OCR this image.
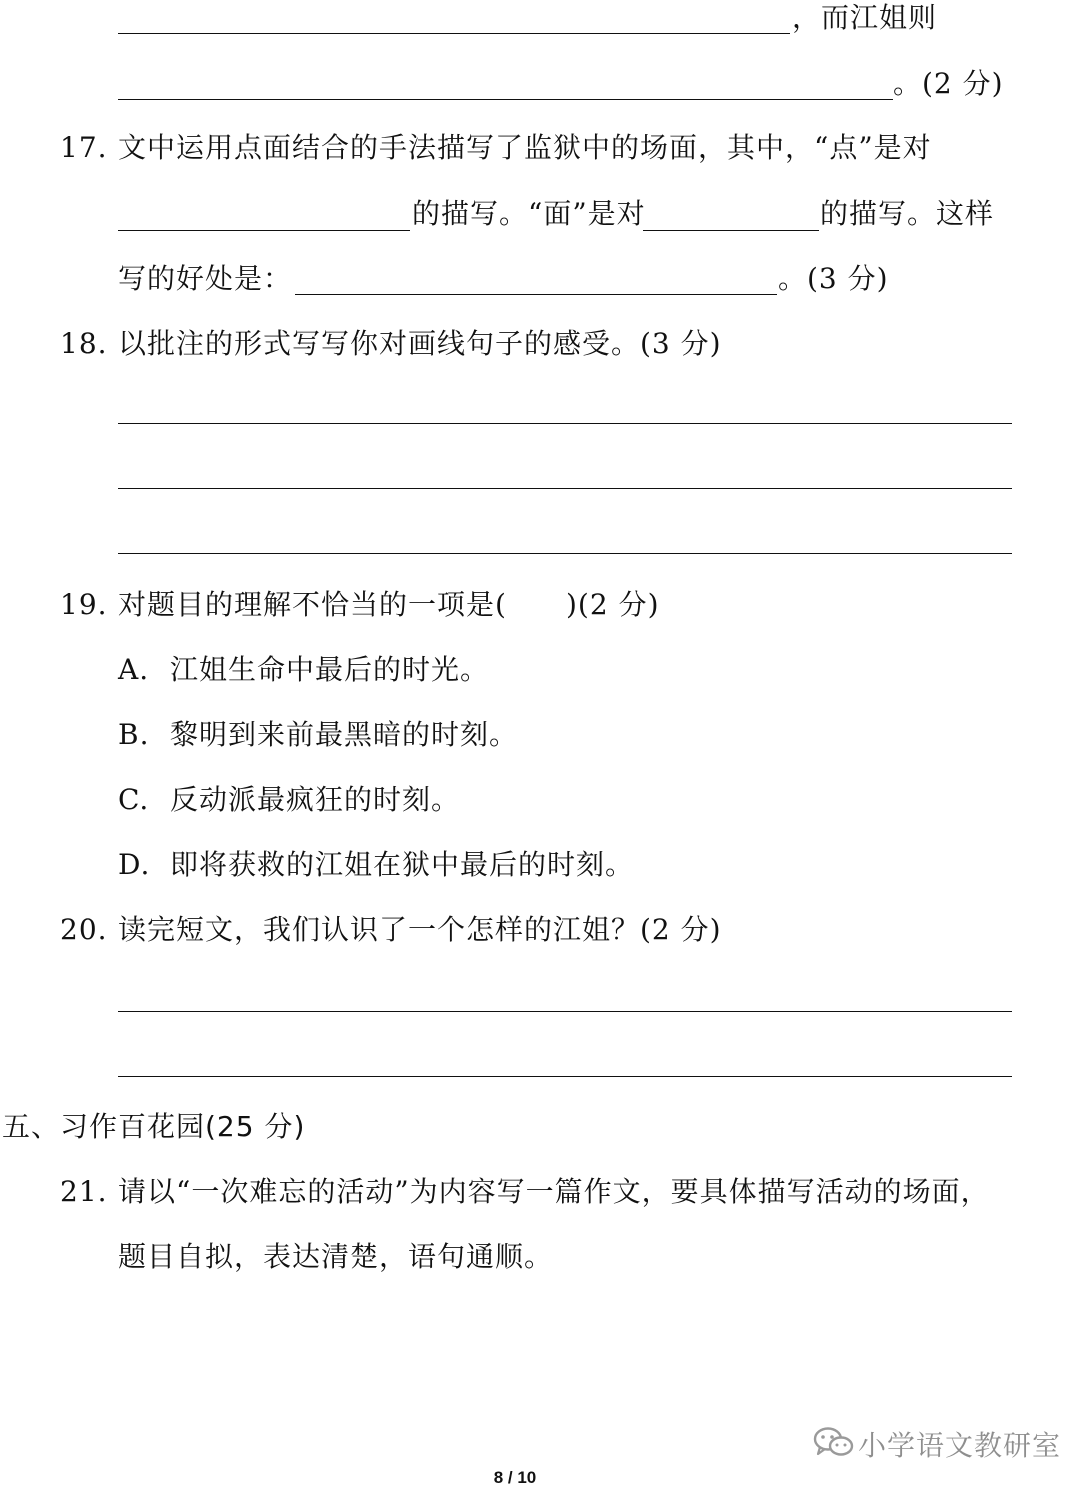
，而江姐则
。(2 分)
17. 文中运用点面结合的手法描写了监狱中的场面，其中，“点”是对
的描写。“面”是对	的描写。这样
写的好处是：	。(3 分)
18. 以批注的形式写写你对画线句子的感受。(3 分)
19. 对题目的理解不恰当的一项是( )(2 分)
A. 江姐生命中最后的时光。
B. 黎明到来前最黑暗的时刻。
C. 反动派最疯狂的时刻。
D. 即将获救的江姐在狱中最后的时刻。
20. 读完短文，我们认识了一个怎样的江姐？(2 分)
五、习作百花园(25 分)
21. 请以“一次难忘的活动”为内容写一篇作文，要具体描写活动的场面，
题目自拟，表达清楚，语句通顺。
小学语文教研室
8 / 10
